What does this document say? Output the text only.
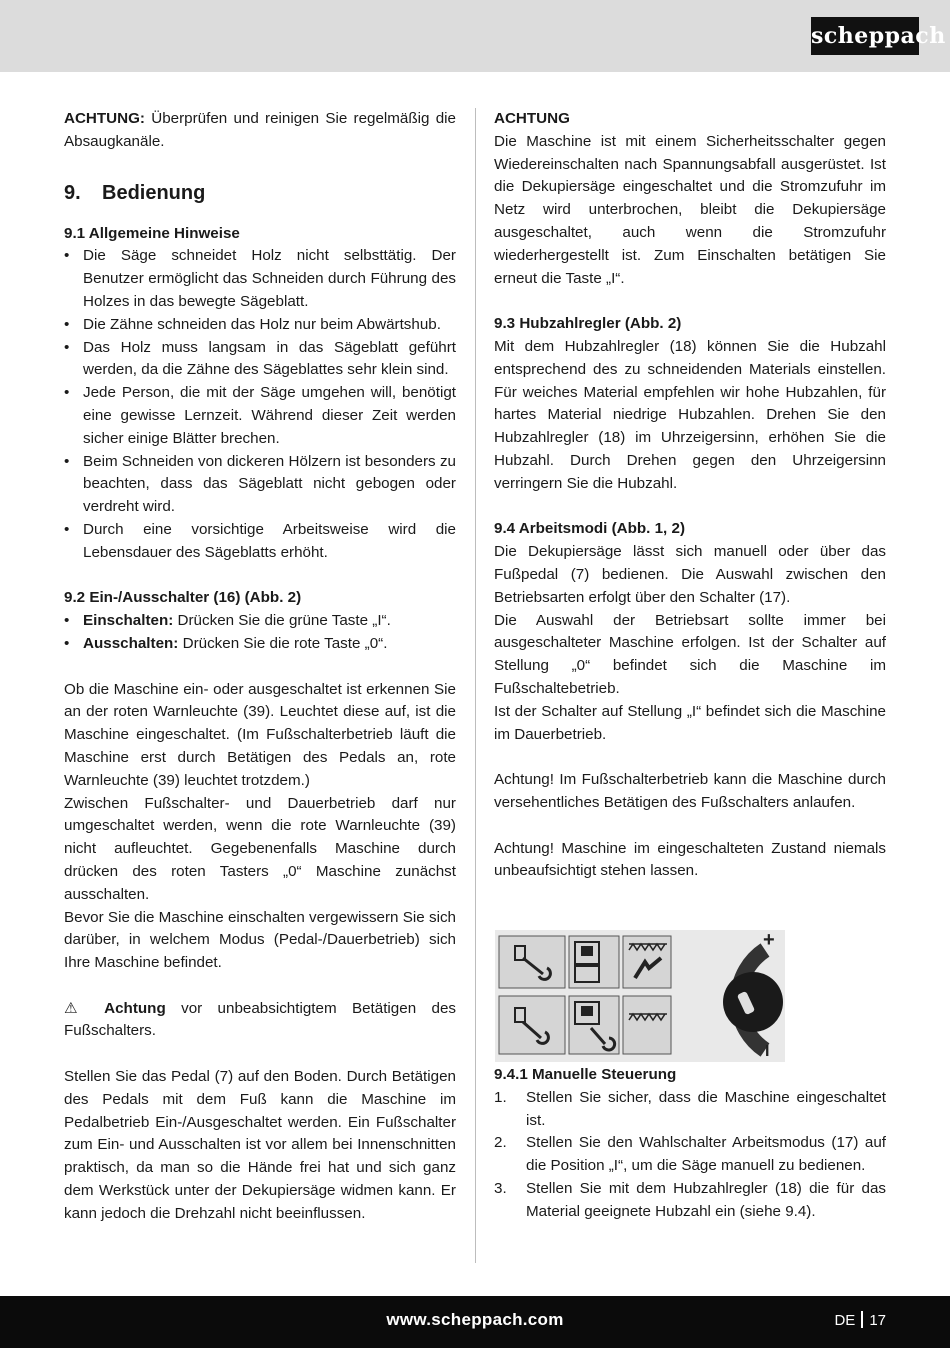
scheppach

ACHTUNG: Überprüfen und reinigen Sie regelmäßig die Absaugkanäle.

9. Bedienung
9.1 Allgemeine Hinweise
• Die Säge schneidet Holz nicht selbsttätig. Der Benutzer ermöglicht das Schneiden durch Führung des Holzes in das bewegte Sägeblatt.
• Die Zähne schneiden das Holz nur beim Abwärtshub.
• Das Holz muss langsam in das Sägeblatt geführt werden, da die Zähne des Sägeblattes sehr klein sind.
• Jede Person, die mit der Säge umgehen will, benötigt eine gewisse Lernzeit. Während dieser Zeit werden sicher einige Blätter brechen.
• Beim Schneiden von dickeren Hölzern ist besonders zu beachten, dass das Sägeblatt nicht gebogen oder verdreht wird.
• Durch eine vorsichtige Arbeitsweise wird die Lebensdauer des Sägeblatts erhöht.
9.2 Ein-/Ausschalter (16) (Abb. 2)
• Einschalten: Drücken Sie die grüne Taste „I“.
• Ausschalten: Drücken Sie die rote Taste „0“.

Ob die Maschine ein- oder ausgeschaltet ist erkennen Sie an der roten Warnleuchte (39). Leuchtet diese auf, ist die Maschine eingeschaltet. (Im Fußschalterbetrieb läuft die Maschine erst durch Betätigen des Pedals an, rote Warnleuchte (39) leuchtet trotzdem.)

Zwischen Fußschalter- und Dauerbetrieb darf nur umgeschaltet werden, wenn die rote Warnleuchte (39) nicht aufleuchtet. Gegebenenfalls Maschine durch drücken des roten Tasters „0“ Maschine zunächst ausschalten.

Bevor Sie die Maschine einschalten vergewissern Sie sich darüber, in welchem Modus (Pedal-/Dauerbetrieb) sich Ihre Maschine befindet.

⚠ Achtung vor unbeabsichtigtem Betätigen des Fußschalters.

Stellen Sie das Pedal (7) auf den Boden. Durch Betätigen des Pedals mit dem Fuß kann die Maschine im Pedalbetrieb Ein-/Ausgeschaltet werden. Ein Fußschalter zum Ein- und Ausschalten ist vor allem bei Innenschnitten praktisch, da man so die Hände frei hat und sich ganz dem Werkstück unter der Dekupiersäge widmen kann. Er kann jedoch die Drehzahl nicht beeinflussen.

ACHTUNG

Die Maschine ist mit einem Sicherheitsschalter gegen Wiedereinschalten nach Spannungsabfall ausgerüstet. Ist die Dekupiersäge eingeschaltet und die Stromzufuhr im Netz wird unterbrochen, bleibt die Dekupiersäge ausgeschaltet, auch wenn die Stromzufuhr wiederhergestellt ist. Zum Einschalten betätigen Sie erneut die Taste „I“.

9.3 Hubzahlregler (Abb. 2)

Mit dem Hubzahlregler (18) können Sie die Hubzahl entsprechend des zu schneidenden Materials einstellen. Für weiches Material empfehlen wir hohe Hubzahlen, für hartes Material niedrige Hubzahlen. Drehen Sie den Hubzahlregler (18) im Uhrzeigersinn, erhöhen Sie die Hubzahl. Durch Drehen gegen den Uhrzeigersinn verringern Sie die Hubzahl.

9.4 Arbeitsmodi (Abb. 1, 2)

Die Dekupiersäge lässt sich manuell oder über das Fußpedal (7) bedienen. Die Auswahl zwischen den Betriebsarten erfolgt über den Schalter (17).

Die Auswahl der Betriebsart sollte immer bei ausgeschalteter Maschine erfolgen. Ist der Schalter auf Stellung „0“ befindet sich die Maschine im Fußschaltebetrieb.

Ist der Schalter auf Stellung „I“ befindet sich die Maschine im Dauerbetrieb.

Achtung! Im Fußschalterbetrieb kann die Maschine durch versehentliches Betätigen des Fußschalters anlaufen.

Achtung! Maschine im eingeschalteten Zustand niemals unbeaufsichtigt stehen lassen.

9.4.1 Manuelle Steuerung
1. Stellen Sie sicher, dass die Maschine eingeschaltet ist.
2. Stellen Sie den Wahlschalter Arbeitsmodus (17) auf die Position „I“, um die Säge manuell zu bedienen.
3. Stellen Sie mit dem Hubzahlregler (18) die für das Material geeignete Hubzahl ein (siehe 9.4).
+
I
www.scheppach.com	DE 17
